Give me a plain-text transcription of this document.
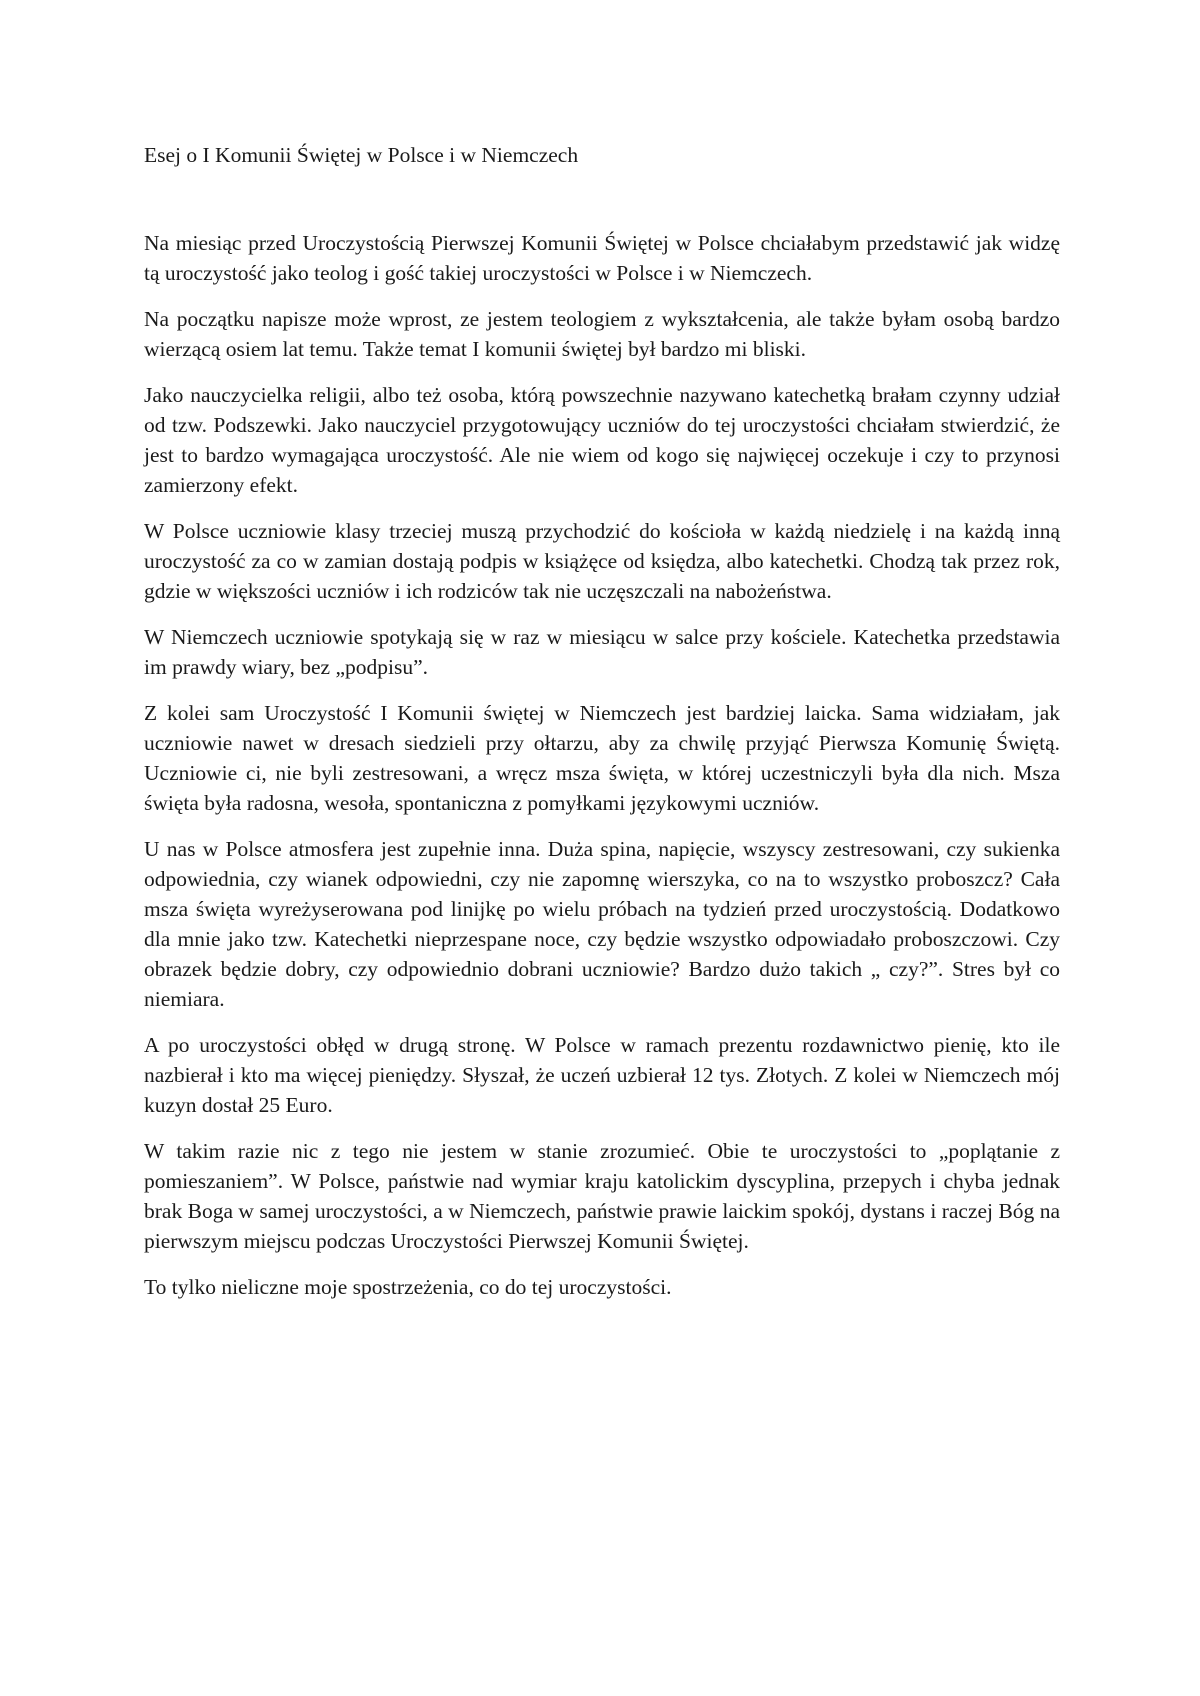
Esej o I Komunii Świętej w Polsce i w Niemczech

Na miesiąc przed Uroczystością Pierwszej Komunii Świętej w Polsce chciałabym przedstawić jak widzę tą uroczystość jako teolog i gość takiej uroczystości w Polsce i w Niemczech.

Na początku napisze może wprost, ze jestem teologiem z wykształcenia, ale także byłam osobą bardzo wierzącą osiem lat temu. Także temat I komunii świętej był bardzo mi bliski.

Jako nauczycielka religii, albo też osoba, którą powszechnie nazywano katechetką brałam czynny udział od tzw. Podszewki. Jako nauczyciel przygotowujący uczniów do tej uroczystości chciałam stwierdzić, że jest to bardzo wymagająca uroczystość. Ale nie wiem od kogo się najwięcej oczekuje i czy to przynosi zamierzony efekt.

W Polsce uczniowie klasy trzeciej muszą przychodzić do kościoła w każdą niedzielę i na każdą inną uroczystość za co w zamian dostają podpis w książęce od księdza, albo katechetki. Chodzą tak przez rok, gdzie w większości uczniów i ich rodziców tak nie uczęszczali na nabożeństwa.

W Niemczech uczniowie spotykają się w raz w miesiącu w salce przy kościele. Katechetka przedstawia im prawdy wiary, bez „podpisu”.

Z kolei sam Uroczystość I Komunii świętej w Niemczech jest bardziej laicka. Sama widziałam, jak uczniowie nawet w dresach siedzieli przy ołtarzu, aby za chwilę przyjąć Pierwsza Komunię Świętą. Uczniowie ci, nie byli zestresowani, a wręcz msza święta, w której uczestniczyli była dla nich. Msza święta była radosna, wesoła, spontaniczna z pomyłkami językowymi uczniów.

U nas w Polsce atmosfera jest zupełnie inna. Duża spina, napięcie, wszyscy zestresowani, czy sukienka odpowiednia, czy wianek odpowiedni, czy nie zapomnę wierszyka, co na to wszystko proboszcz? Cała msza święta wyreżyserowana pod linijkę po wielu próbach na tydzień przed uroczystością. Dodatkowo dla mnie jako tzw. Katechetki nieprzespane noce, czy będzie wszystko odpowiadało proboszczowi. Czy obrazek będzie dobry, czy odpowiednio dobrani uczniowie? Bardzo dużo takich „ czy?”. Stres był co niemiara.

A po uroczystości obłęd w drugą stronę. W Polsce w ramach prezentu rozdawnictwo pienię, kto ile nazbierał i kto ma więcej pieniędzy. Słyszał, że uczeń uzbierał 12 tys. Złotych. Z kolei w Niemczech mój kuzyn dostał 25 Euro.

W takim razie nic z tego nie jestem w stanie zrozumieć. Obie te uroczystości to „poplątanie z pomieszaniem”. W Polsce, państwie nad wymiar kraju katolickim dyscyplina, przepych i chyba jednak brak Boga w samej uroczystości, a w Niemczech, państwie prawie laickim spokój, dystans i raczej Bóg na pierwszym miejscu podczas Uroczystości Pierwszej Komunii Świętej.

To tylko nieliczne moje spostrzeżenia, co do tej uroczystości.
